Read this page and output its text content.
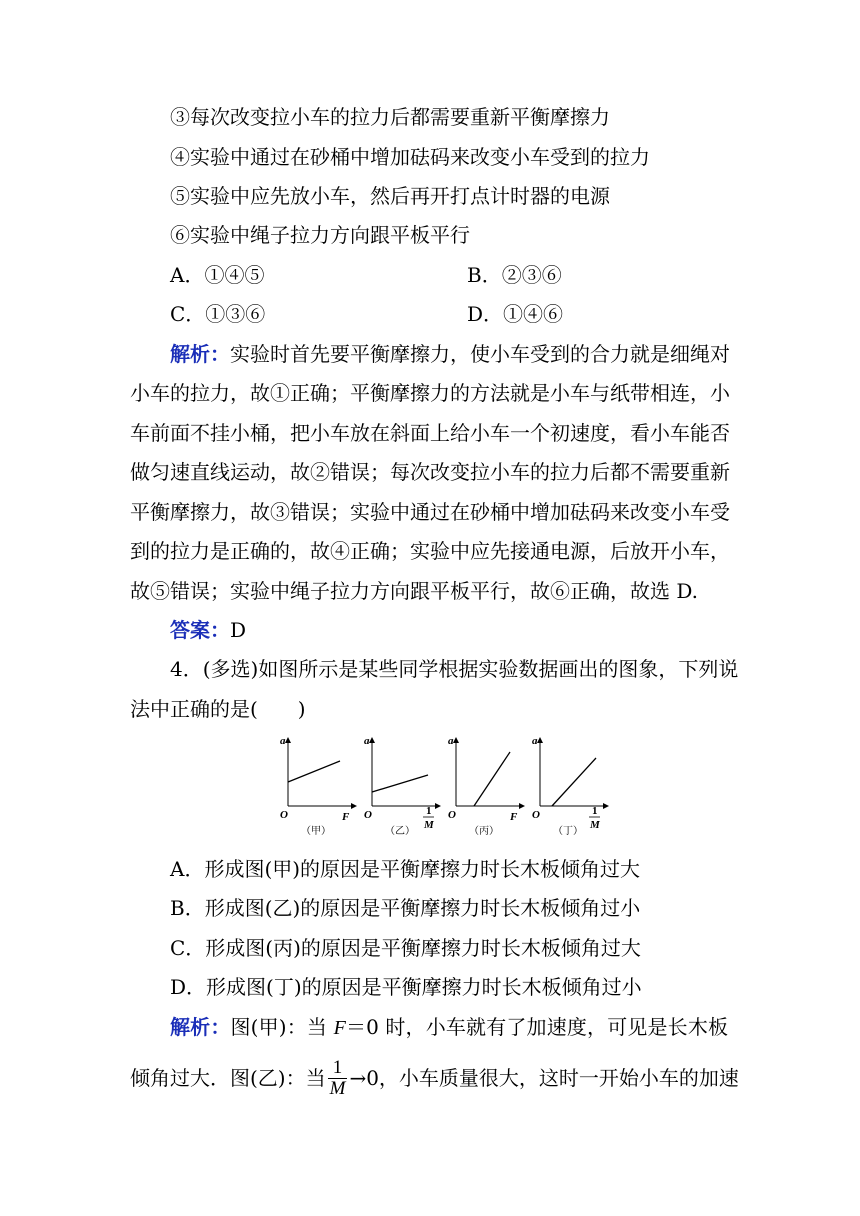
③每次改变拉小车的拉力后都需要重新平衡摩擦力
④实验中通过在砂桶中增加砝码来改变小车受到的拉力
⑤实验中应先放小车，然后再开打点计时器的电源
⑥实验中绳子拉力方向跟平板平行
A．①④⑤	B．②③⑥
C．①③⑥	D．①④⑥
解析：实验时首先要平衡摩擦力，使小车受到的合力就是细绳对
小车的拉力，故①正确；平衡摩擦力的方法就是小车与纸带相连，小
车前面不挂小桶，把小车放在斜面上给小车一个初速度，看小车能否
做匀速直线运动，故②错误；每次改变拉小车的拉力后都不需要重新
平衡摩擦力，故③错误；实验中通过在砂桶中增加砝码来改变小车受
到的拉力是正确的，故④正确；实验中应先接通电源，后放开小车，
故⑤错误；实验中绳子拉力方向跟平板平行，故⑥正确，故选 D.
答案：D
4．(多选)如图所示是某些同学根据实验数据画出的图象，下列说
法中正确的是(　　)
a	a	a	a
O	O	O	O
F	F
1
M
1
M
（甲）	（乙）	（丙）	（丁）
A．形成图(甲)的原因是平衡摩擦力时长木板倾角过大
B．形成图(乙)的原因是平衡摩擦力时长木板倾角过小
C．形成图(丙)的原因是平衡摩擦力时长木板倾角过大
D．形成图(丁)的原因是平衡摩擦力时长木板倾角过小
解析：图(甲)：当 F＝0 时，小车就有了加速度，可见是长木板
倾角过大．图(乙)：当 $\frac{1}{M} \to 0$，小车质量很大，这时一开始小车的加速
